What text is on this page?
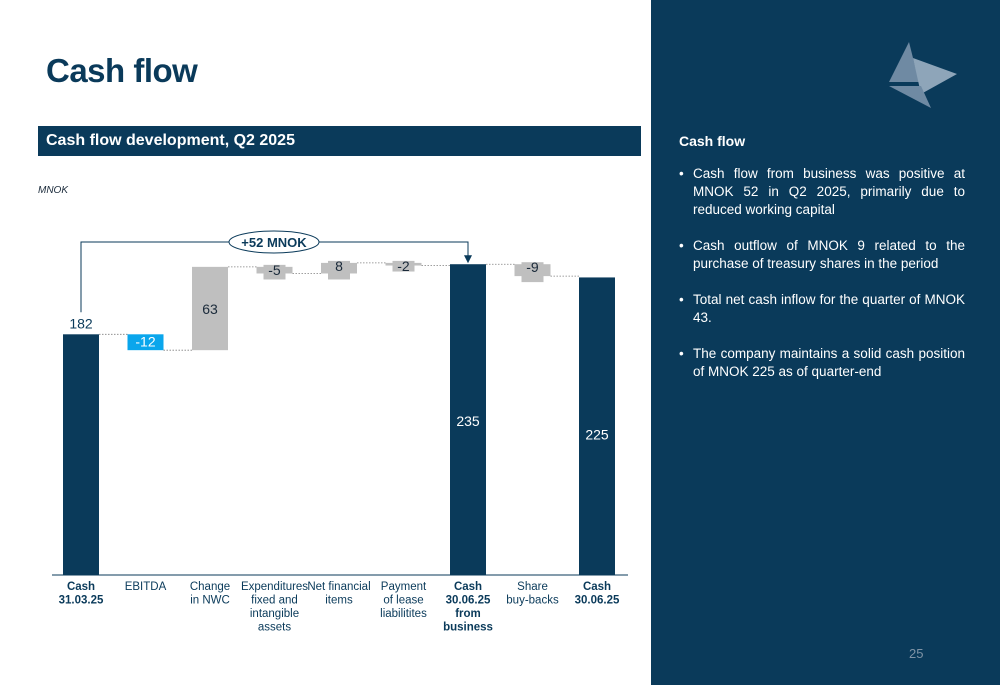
Cash flow
Cash flow development, Q2 2025
MNOK
182
-12
63
-5	8	-2
235
-9
225
Cash 31.03.25
EBITDA Change in NWC
Expenditures fixed and intangible assets
Net financial items
Payment of lease liabilitites
Cash 30.06.25 from business
Share buy-backs
Cash 30.06.25
+52 MNOK
Cash flow
• Cash flow from business was positive at MNOK 52 in Q2 2025, primarily due to reduced working capital
• Cash outflow of MNOK 9 related to the purchase of treasury shares in the period
• Total net cash inflow for the quarter of MNOK 43.
• The company maintains a solid cash position of MNOK 225 as of quarter-end
25
